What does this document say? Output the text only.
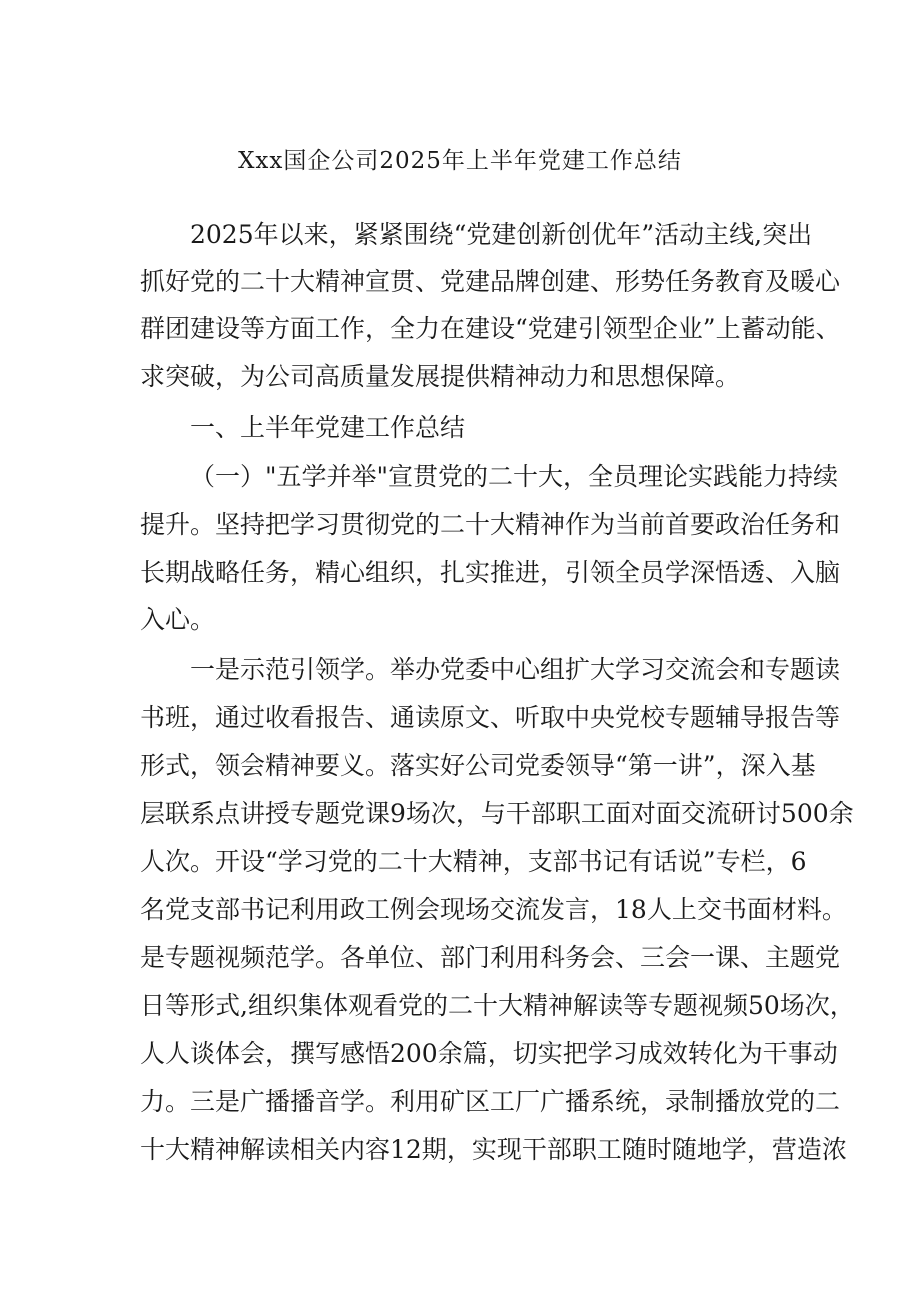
Xxx国企公司2025年上半年党建工作总结
2025年以来，紧紧围绕“党建创新创优年”活动主线,突出
抓好党的二十大精神宣贯、党建品牌创建、形势任务教育及暖心
群团建设等方面工作，全力在建设“党建引领型企业”上蓄动能、
求突破，为公司高质量发展提供精神动力和思想保障。
一、上半年党建工作总结
（一）"五学并举"宣贯党的二十大，全员理论实践能力持续
提升。坚持把学习贯彻党的二十大精神作为当前首要政治任务和
长期战略任务，精心组织，扎实推进，引领全员学深悟透、入脑
入心。
一是示范引领学。举办党委中心组扩大学习交流会和专题读
书班，通过收看报告、通读原文、听取中央党校专题辅导报告等
形式，领会精神要义。落实好公司党委领导“第一讲”，深入基
层联系点讲授专题党课9场次，与干部职工面对面交流研讨500余
人次。开设“学习党的二十大精神，支部书记有话说”专栏，6
名党支部书记利用政工例会现场交流发言，18人上交书面材料。
是专题视频范学。各单位、部门利用科务会、三会一课、主题党
日等形式,组织集体观看党的二十大精神解读等专题视频50场次，
人人谈体会，撰写感悟200余篇，切实把学习成效转化为干事动
力。三是广播播音学。利用矿区工厂广播系统，录制播放党的二
十大精神解读相关内容12期，实现干部职工随时随地学，营造浓
